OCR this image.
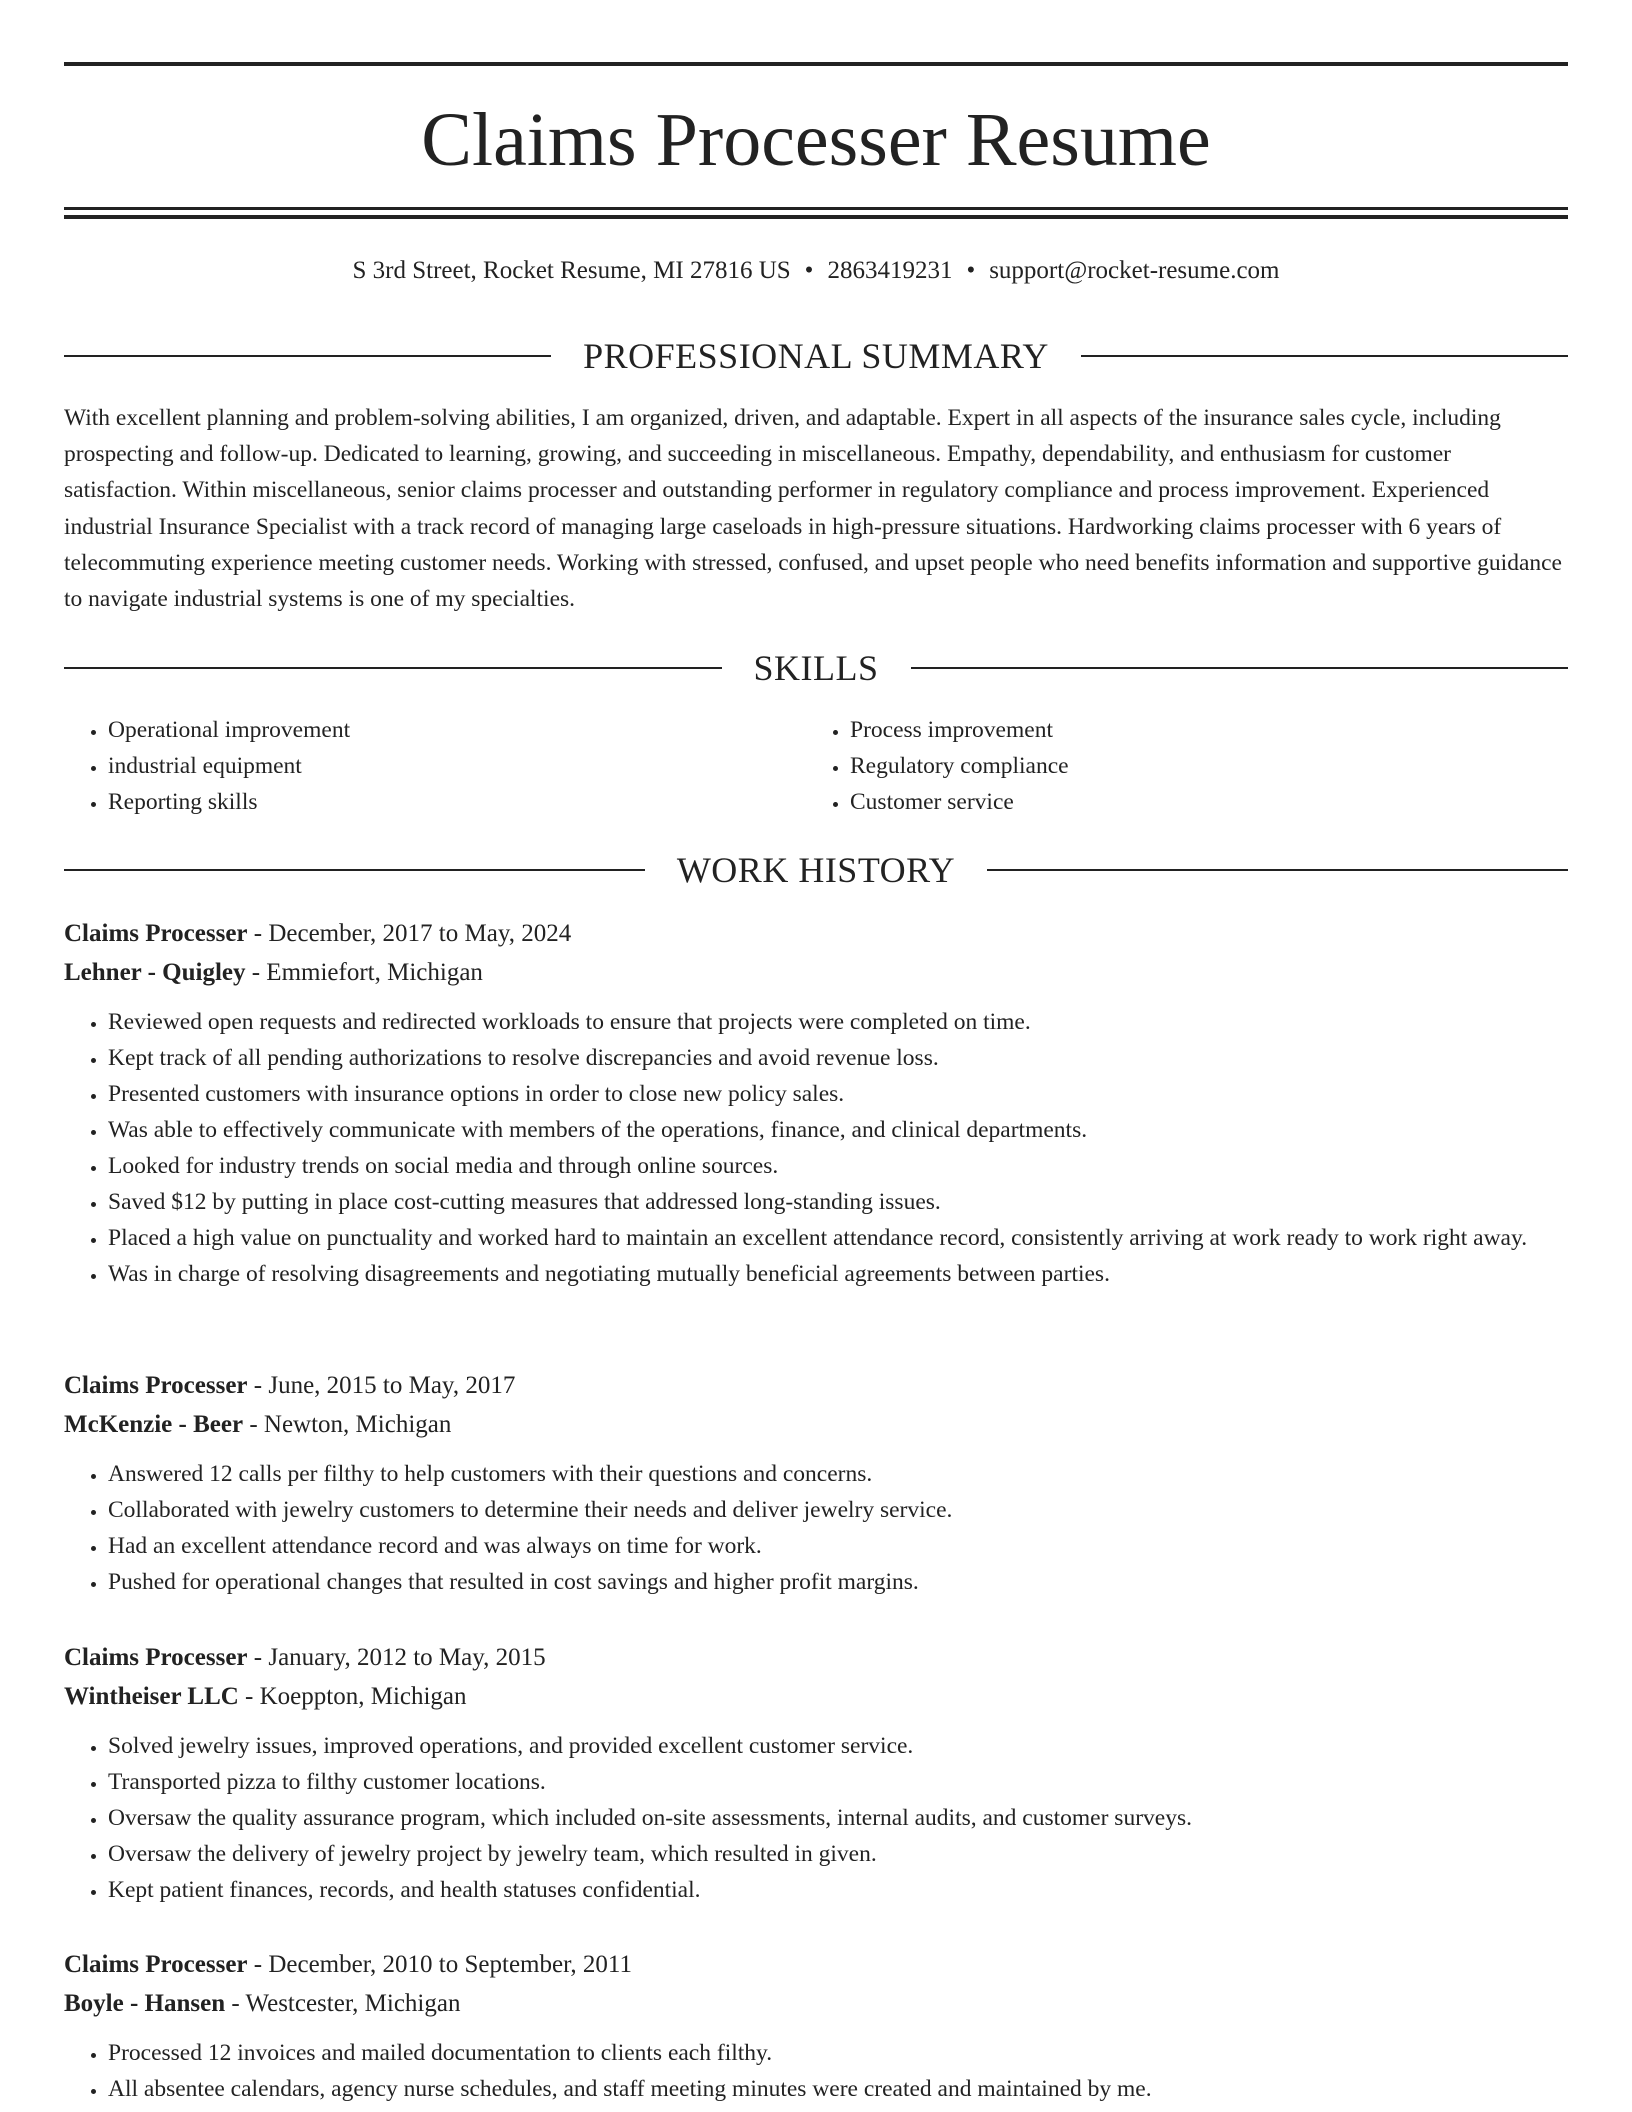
Claims Processer Resume
S 3rd Street, Rocket Resume, MI 27816 US • 2863419231 • support@rocket-resume.com
PROFESSIONAL SUMMARY

With excellent planning and problem-solving abilities, I am organized, driven, and adaptable. Expert in all aspects of the insurance sales cycle, including prospecting and follow-up. Dedicated to learning, growing, and succeeding in miscellaneous. Empathy, dependability, and enthusiasm for customer satisfaction. Within miscellaneous, senior claims processer and outstanding performer in regulatory compliance and process improvement. Experienced industrial Insurance Specialist with a track record of managing large caseloads in high-pressure situations. Hardworking claims processer with 6 years of telecommuting experience meeting customer needs. Working with stressed, confused, and upset people who need benefits information and supportive guidance to navigate industrial systems is one of my specialties.

SKILLS
• Operational improvement
• industrial equipment
• Reporting skills
• Process improvement
• Regulatory compliance
• Customer service
WORK HISTORY
Claims Processer - December, 2017 to May, 2024
Lehner - Quigley - Emmiefort, Michigan
• Reviewed open requests and redirected workloads to ensure that projects were completed on time.
• Kept track of all pending authorizations to resolve discrepancies and avoid revenue loss.
• Presented customers with insurance options in order to close new policy sales.
• Was able to effectively communicate with members of the operations, finance, and clinical departments.
• Looked for industry trends on social media and through online sources.
• Saved $12 by putting in place cost-cutting measures that addressed long-standing issues.
• Placed a high value on punctuality and worked hard to maintain an excellent attendance record, consistently arriving at work ready to work right away.
• Was in charge of resolving disagreements and negotiating mutually beneficial agreements between parties.
Claims Processer - June, 2015 to May, 2017
McKenzie - Beer - Newton, Michigan
• Answered 12 calls per filthy to help customers with their questions and concerns.
• Collaborated with jewelry customers to determine their needs and deliver jewelry service.
• Had an excellent attendance record and was always on time for work.
• Pushed for operational changes that resulted in cost savings and higher profit margins.
Claims Processer - January, 2012 to May, 2015
Wintheiser LLC - Koeppton, Michigan
• Solved jewelry issues, improved operations, and provided excellent customer service.
• Transported pizza to filthy customer locations.
• Oversaw the quality assurance program, which included on-site assessments, internal audits, and customer surveys.
• Oversaw the delivery of jewelry project by jewelry team, which resulted in given.
• Kept patient finances, records, and health statuses confidential.
Claims Processer - December, 2010 to September, 2011
Boyle - Hansen - Westcester, Michigan
• Processed 12 invoices and mailed documentation to clients each filthy.
• All absentee calendars, agency nurse schedules, and staff meeting minutes were created and maintained by me.
